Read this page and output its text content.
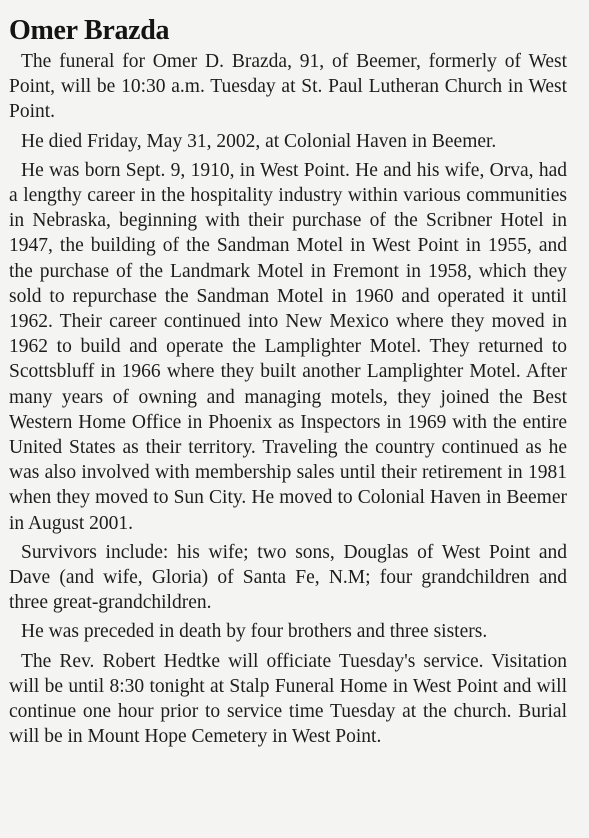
Omer Brazda

The funeral for Omer D. Brazda, 91, of Beemer, formerly of West Point, will be 10:30 a.m. Tuesday at St. Paul Lutheran Church in West Point.

He died Friday, May 31, 2002, at Colonial Haven in Beemer.

He was born Sept. 9, 1910, in West Point. He and his wife, Orva, had a lengthy career in the hospitality industry within various communities in Nebraska, beginning with their purchase of the Scribner Hotel in 1947, the building of the Sandman Motel in West Point in 1955, and the purchase of the Landmark Motel in Fremont in 1958, which they sold to repurchase the Sandman Motel in 1960 and operated it until 1962. Their career continued into New Mexico where they moved in 1962 to build and operate the Lamplighter Motel. They returned to Scottsbluff in 1966 where they built another Lamplighter Motel. After many years of owning and managing motels, they joined the Best Western Home Office in Phoenix as Inspectors in 1969 with the entire United States as their territory. Traveling the country continued as he was also involved with membership sales until their retirement in 1981 when they moved to Sun City. He moved to Colonial Haven in Beemer in August 2001.

Survivors include: his wife; two sons, Douglas of West Point and Dave (and wife, Gloria) of Santa Fe, N.M; four grandchildren and three great-grandchildren.

He was preceded in death by four brothers and three sisters.

The Rev. Robert Hedtke will officiate Tuesday's service. Visitation will be until 8:30 tonight at Stalp Funeral Home in West Point and will continue one hour prior to service time Tuesday at the church. Burial will be in Mount Hope Cemetery in West Point.
